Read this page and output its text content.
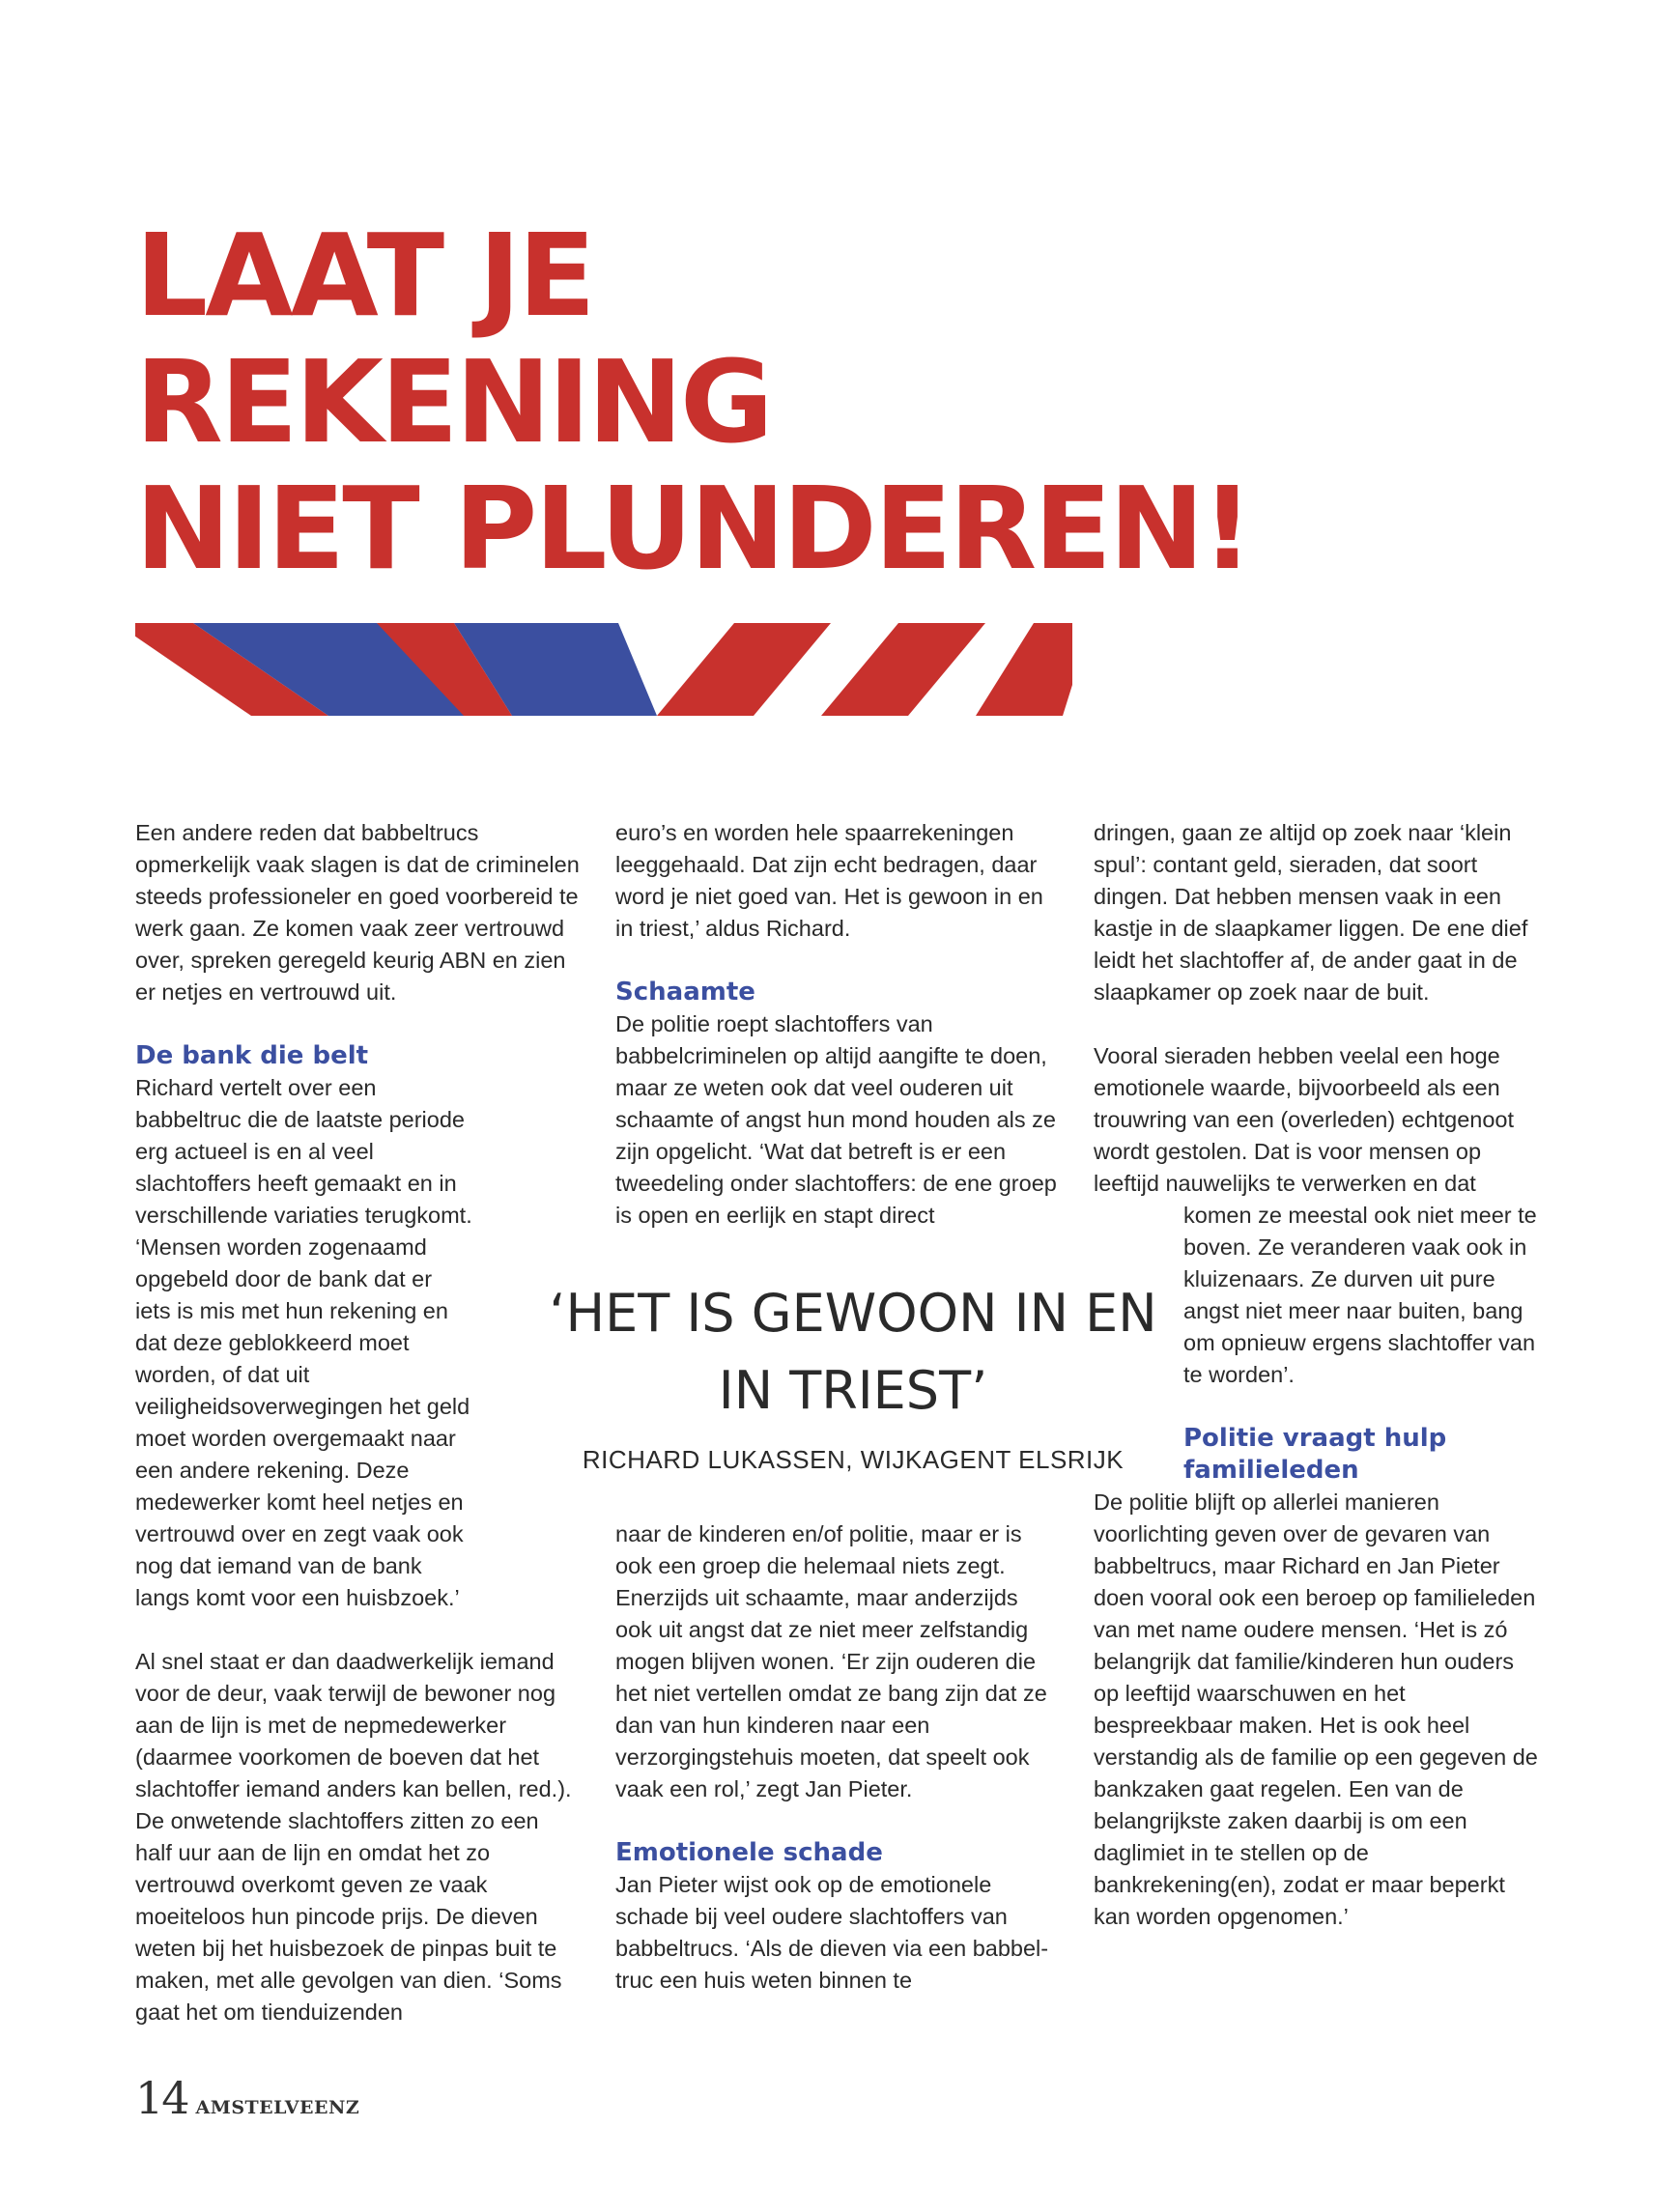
LAAT JE
REKENING
NIET PLUNDEREN!

Een andere reden dat babbeltrucs opmerkelijk vaak slagen is dat de criminelen steeds professioneler en goed voorbereid te werk gaan. Ze komen vaak zeer vertrouwd over, spreken geregeld keurig ABN en zien er netjes en vertrouwd uit.

De bank die belt

Richard vertelt over een babbeltruc die de laatste periode erg actueel is en al veel slachtoffers heeft gemaakt en in verschillende variaties terugkomt. ‘Mensen worden zogenaamd opgebeld door de bank dat er iets is mis met hun rekening en dat deze geblokkeerd moet worden, of dat uit veiligheidsoverwegingen het geld moet worden overgemaakt naar een andere rekening. Deze medewerker komt heel netjes en vertrouwd over en zegt vaak ook nog dat iemand van de bank langs komt voor een huisbzoek.’

Al snel staat er dan daadwerkelijk iemand voor de deur, vaak terwijl de bewoner nog aan de lijn is met de nepmedewerker (daarmee voorkomen de boeven dat het slachtoffer iemand anders kan bellen, red.). De onwetende slachtoffers zitten zo een half uur aan de lijn en omdat het zo vertrouwd overkomt geven ze vaak moeiteloos hun pincode prijs. De dieven weten bij het huisbezoek de pinpas buit te maken, met alle gevolgen van dien. ‘Soms gaat het om tienduizenden

euro’s en worden hele spaarrekeningen leeggehaald. Dat zijn echt bedragen, daar word je niet goed van. Het is gewoon in en in triest,’ aldus Richard.

Schaamte

De politie roept slachtoffers van babbelcriminelen op altijd aangifte te doen, maar ze weten ook dat veel ouderen uit schaamte of angst hun mond houden als ze zijn opgelicht. ‘Wat dat betreft is er een tweedeling onder slachtoffers: de ene groep is open en eerlijk en stapt direct

‘HET IS GEWOON IN EN
IN TRIEST’

RICHARD LUKASSEN, WIJKAGENT ELSRIJK

naar de kinderen en/of politie, maar er is ook een groep die helemaal niets zegt. Enerzijds uit schaamte, maar anderzijds ook uit angst dat ze niet meer zelfstandig mogen blijven wonen. ‘Er zijn ouderen die het niet vertellen omdat ze bang zijn dat ze dan van hun kinderen naar een verzorgingstehuis moeten, dat speelt ook vaak een rol,’ zegt Jan Pieter.

Emotionele schade

Jan Pieter wijst ook op de emotionele schade bij veel oudere slachtoffers van babbeltrucs. ‘Als de dieven via een babbel-truc een huis weten binnen te

dringen, gaan ze altijd op zoek naar ‘klein spul’: contant geld, sieraden, dat soort dingen. Dat hebben mensen vaak in een kastje in de slaapkamer liggen. De ene dief leidt het slachtoffer af, de ander gaat in de slaapkamer op zoek naar de buit.

Vooral sieraden hebben veelal een hoge emotionele waarde, bijvoorbeeld als een trouwring van een (overleden) echtgenoot wordt gestolen. Dat is voor mensen op leeftijd nauwelijks te verwerken en dat

komen ze meestal ook niet meer te boven. Ze veranderen vaak ook in kluizenaars. Ze durven uit pure angst niet meer naar buiten, bang om opnieuw ergens slachtoffer van te worden’.

Politie vraagt hulp familieleden

De politie blijft op allerlei manieren voorlichting geven over de gevaren van babbeltrucs, maar Richard en Jan Pieter doen vooral ook een beroep op familieleden van met name oudere mensen. ‘Het is zó belangrijk dat familie/kinderen hun ouders op leeftijd waarschuwen en het bespreekbaar maken. Het is ook heel verstandig als de familie op een gegeven de bankzaken gaat regelen. Een van de belangrijkste zaken daarbij is om een daglimiet in te stellen op de bankrekening(en), zodat er maar beperkt kan worden opgenomen.’

14 AMSTELVEENZ
